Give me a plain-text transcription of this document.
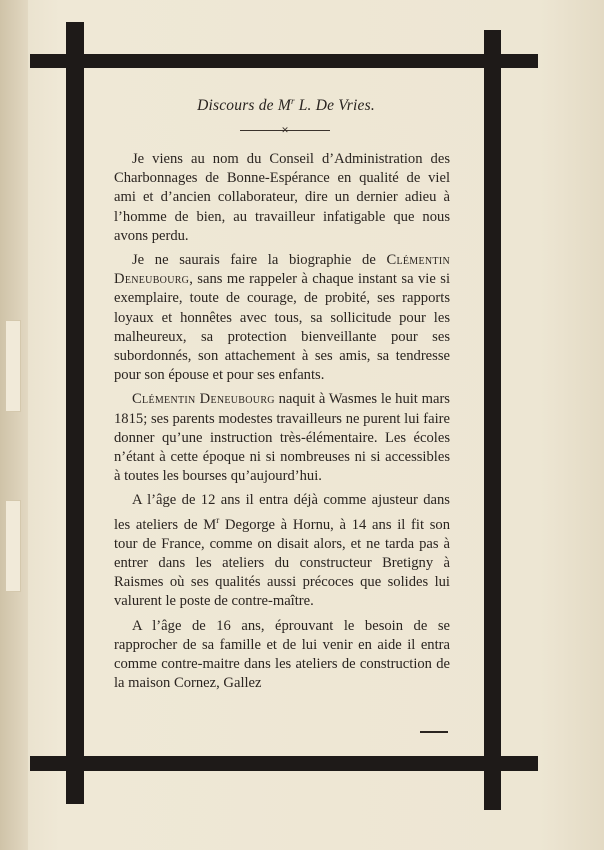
Discours de $M^r$ L. De Vries.
✕

Je viens au nom du Conseil d’Administration des Charbonnages de Bonne-Espérance en qualité de viel ami et d’ancien collaborateur, dire un dernier adieu à l’homme de bien, au travailleur infatigable que nous avons perdu.

Je ne saurais faire la biographie de Clémentin Deneubourg, sans me rappeler à chaque instant sa vie si exemplaire, toute de courage, de probité, ses rapports loyaux et honnêtes avec tous, sa sollicitude pour les malheureux, sa protection bienveillante pour ses subordonnés, son attachement à ses amis, sa tendresse pour son épouse et pour ses enfants.

Clémentin Deneubourg naquit à Wasmes le huit mars 1815; ses parents modestes travailleurs ne purent lui faire donner qu’une instruction très-élémentaire. Les écoles n’étant à cette époque ni si nombreuses ni si accessibles à toutes les bourses qu’aujourd’hui.

A l’âge de 12 ans il entra déjà comme ajusteur dans les ateliers de $M^r$ Degorge à Hornu, à 14 ans il fit son tour de France, comme on disait alors, et ne tarda pas à entrer dans les ateliers du constructeur Bretigny à Raismes où ses qualités aussi précoces que solides lui valurent le poste de contre-maître.

A l’âge de 16 ans, éprouvant le besoin de se rapprocher de sa famille et de lui venir en aide il entra comme contre-maitre dans les ateliers de construction de la maison Cornez, Gallez
